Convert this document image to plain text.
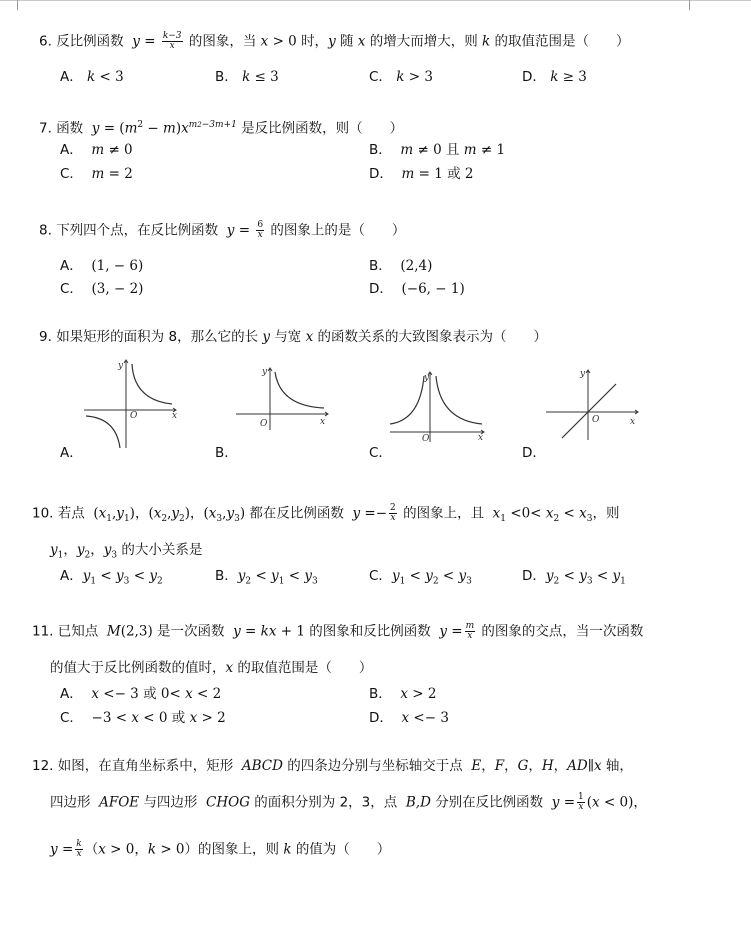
6. 反比例函数  $y = \frac{k-3}{x}$ 的图象，当 x > 0 时，y 随 x 的增大而增大，则 k 的取值范围是（　　）
A． k < 3	B． k ≤ 3	C． k > 3	D． k ≥ 3
7. 函数  $y = (m^2 - m)x^{m2-3m+1}$ 是反比例函数，则（　　）
A． m ≠ 0	B． m ≠ 0 且 m ≠ 1
C． m = 2	D． m = 1 或 2
8. 下列四个点，在反比例函数  $y = \frac{6}{x}$ 的图象上的是（　　）
A． (1, − 6)	B． (2,4)
C． (3, − 2)	D． (−6, − 1)
9. 如果矩形的面积为 8，那么它的长 y 与宽 x 的函数关系的大致图象表示为（　　）
y
x
O
y
x
O
y
x
O
y
x
O
A．	B．	C．	D．
10. 若点  $(x_1,y_1)$，$(x_2,y_2)$，$(x_3,y_3)$ 都在反比例函数  $y =- \frac{2}{x}$ 的图象上，且  $x_1 <0< x_2 < x_3$，则
$y_1$，$y_2$，$y_3$ 的大小关系是
A．$y_1 < y_3 < y_2$	B．$y_2 < y_1 < y_3$	C．$y_1 < y_2 < y_3$	D．$y_2 < y_3 < y_1$
11. 已知点  M(2,3) 是一次函数  y = kx + 1 的图象和反比例函数  $y = \frac{m}{x}$ 的图象的交点，当一次函数
的值大于反比例函数的值时，x 的取值范围是（　　）
A． x <− 3 或 0< x < 2	B． x > 2
C． −3 < x < 0 或 x > 2	D． x <− 3
12. 如图，在直角坐标系中，矩形  ABCD 的四条边分别与坐标轴交于点  E，F，G，H，AD∥x 轴，
四边形  AFOE 与四边形  CHOG 的面积分别为 2，3，点  B,D 分别在反比例函数  $y = \frac{1}{x} (x < 0)$，
$y = \frac{k}{x} (x > 0$，k > 0）的图象上，则 k 的值为（　　）
